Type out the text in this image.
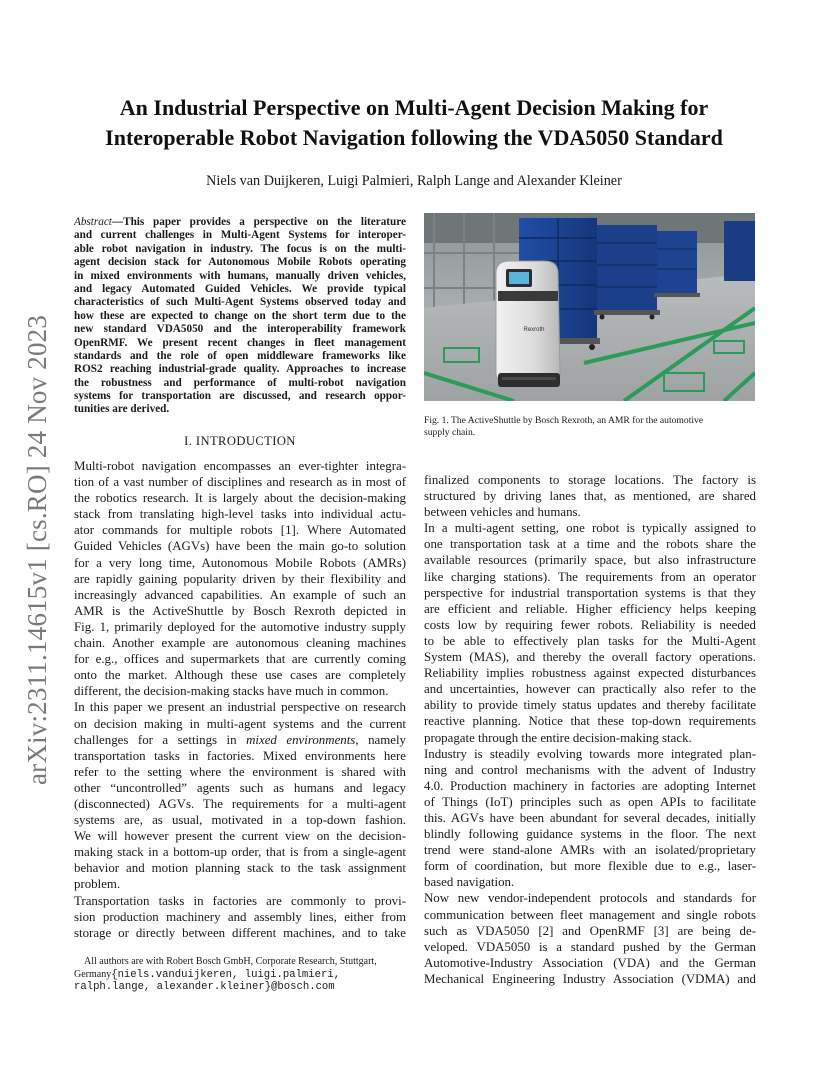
arXiv:2311.14615v1 [cs.RO] 24 Nov 2023
An Industrial Perspective on Multi-Agent Decision Making for
Interoperable Robot Navigation following the VDA5050 Standard
Niels van Duijkeren, Luigi Palmieri, Ralph Lange and Alexander Kleiner
Abstract—This paper provides a perspective on the literature
and current challenges in Multi-Agent Systems for interoper-
able robot navigation in industry. The focus is on the multi-
agent decision stack for Autonomous Mobile Robots operating
in mixed environments with humans, manually driven vehicles,
and legacy Automated Guided Vehicles. We provide typical
characteristics of such Multi-Agent Systems observed today and
how these are expected to change on the short term due to the
new standard VDA5050 and the interoperability framework
OpenRMF. We present recent changes in fleet management
standards and the role of open middleware frameworks like
ROS2 reaching industrial-grade quality. Approaches to increase
the robustness and performance of multi-robot navigation
systems for transportation are discussed, and research oppor-
tunities are derived.
I. INTRODUCTION
Multi-robot navigation encompasses an ever-tighter integra-
tion of a vast number of disciplines and research as in most of
the robotics research. It is largely about the decision-making
stack from translating high-level tasks into individual actu-
ator commands for multiple robots [1]. Where Automated
Guided Vehicles (AGVs) have been the main go-to solution
for a very long time, Autonomous Mobile Robots (AMRs)
are rapidly gaining popularity driven by their flexibility and
increasingly advanced capabilities. An example of such an
AMR is the ActiveShuttle by Bosch Rexroth depicted in
Fig. 1, primarily deployed for the automotive industry supply
chain. Another example are autonomous cleaning machines
for e.g., offices and supermarkets that are currently coming
onto the market. Although these use cases are completely
different, the decision-making stacks have much in common.
In this paper we present an industrial perspective on research
on decision making in multi-agent systems and the current
challenges for a settings in mixed environments, namely
transportation tasks in factories. Mixed environments here
refer to the setting where the environment is shared with
other “uncontrolled” agents such as humans and legacy
(disconnected) AGVs. The requirements for a multi-agent
systems are, as usual, motivated in a top-down fashion.
We will however present the current view on the decision-
making stack in a bottom-up order, that is from a single-agent
behavior and motion planning stack to the task assignment
problem.
Transportation tasks in factories are commonly to provi-
sion production machinery and assembly lines, either from
storage or directly between different machines, and to take
All authors are with Robert Bosch GmbH, Corporate Research, Stuttgart,
Germany{niels.vanduijkeren, luigi.palmieri,
ralph.lange, alexander.kleiner}@bosch.com
Rexroth
Fig. 1. The ActiveShuttle by Bosch Rexroth, an AMR for the automotive
supply chain.
finalized components to storage locations. The factory is
structured by driving lanes that, as mentioned, are shared
between vehicles and humans.
In a multi-agent setting, one robot is typically assigned to
one transportation task at a time and the robots share the
available resources (primarily space, but also infrastructure
like charging stations). The requirements from an operator
perspective for industrial transportation systems is that they
are efficient and reliable. Higher efficiency helps keeping
costs low by requiring fewer robots. Reliability is needed
to be able to effectively plan tasks for the Multi-Agent
System (MAS), and thereby the overall factory operations.
Reliability implies robustness against expected disturbances
and uncertainties, however can practically also refer to the
ability to provide timely status updates and thereby facilitate
reactive planning. Notice that these top-down requirements
propagate through the entire decision-making stack.
Industry is steadily evolving towards more integrated plan-
ning and control mechanisms with the advent of Industry
4.0. Production machinery in factories are adopting Internet
of Things (IoT) principles such as open APIs to facilitate
this. AGVs have been abundant for several decades, initially
blindly following guidance systems in the floor. The next
trend were stand-alone AMRs with an isolated/proprietary
form of coordination, but more flexible due to e.g., laser-
based navigation.
Now new vendor-independent protocols and standards for
communication between fleet management and single robots
such as VDA5050 [2] and OpenRMF [3] are being de-
veloped. VDA5050 is a standard pushed by the German
Automotive-Industry Association (VDA) and the German
Mechanical Engineering Industry Association (VDMA) and
